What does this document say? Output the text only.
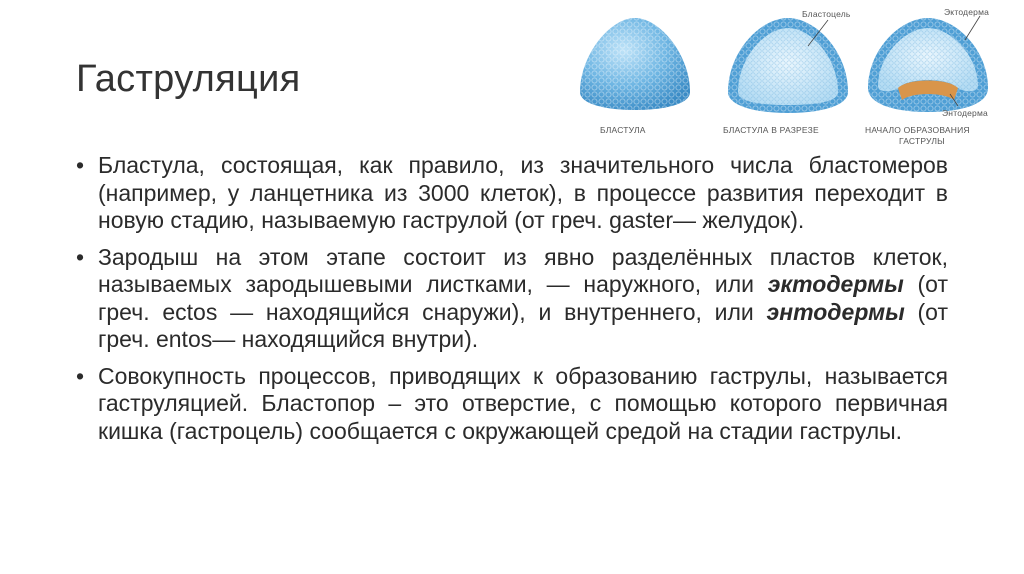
Гаструляция
БЛАСТУЛА
Бластоцель
БЛАСТУЛА В РАЗРЕЗЕ
Эктодерма
Энтодерма
НАЧАЛО ОБРАЗОВАНИЯ
ГАСТРУЛЫ
• Бластула, состоящая, как правило, из значительного числа бластомеров (например, у ланцетника из 3000 клеток), в процессе развития переходит в новую стадию, называемую гаструлой (от греч. gaster— желудок).
• Зародыш на этом этапе состоит из явно разделённых пластов клеток, называемых зародышевыми листками, — наружного, или эктодермы (от греч. ectos — находящийся снаружи), и внутреннего, или энтодермы (от греч. entos— находящийся внутри).
• Совокупность процессов, приводящих к образованию гаструлы, называется гаструляцией. Бластопор – это отверстие, с помощью которого первичная кишка (гастроцель) сообщается с окружающей средой на стадии гаструлы.
